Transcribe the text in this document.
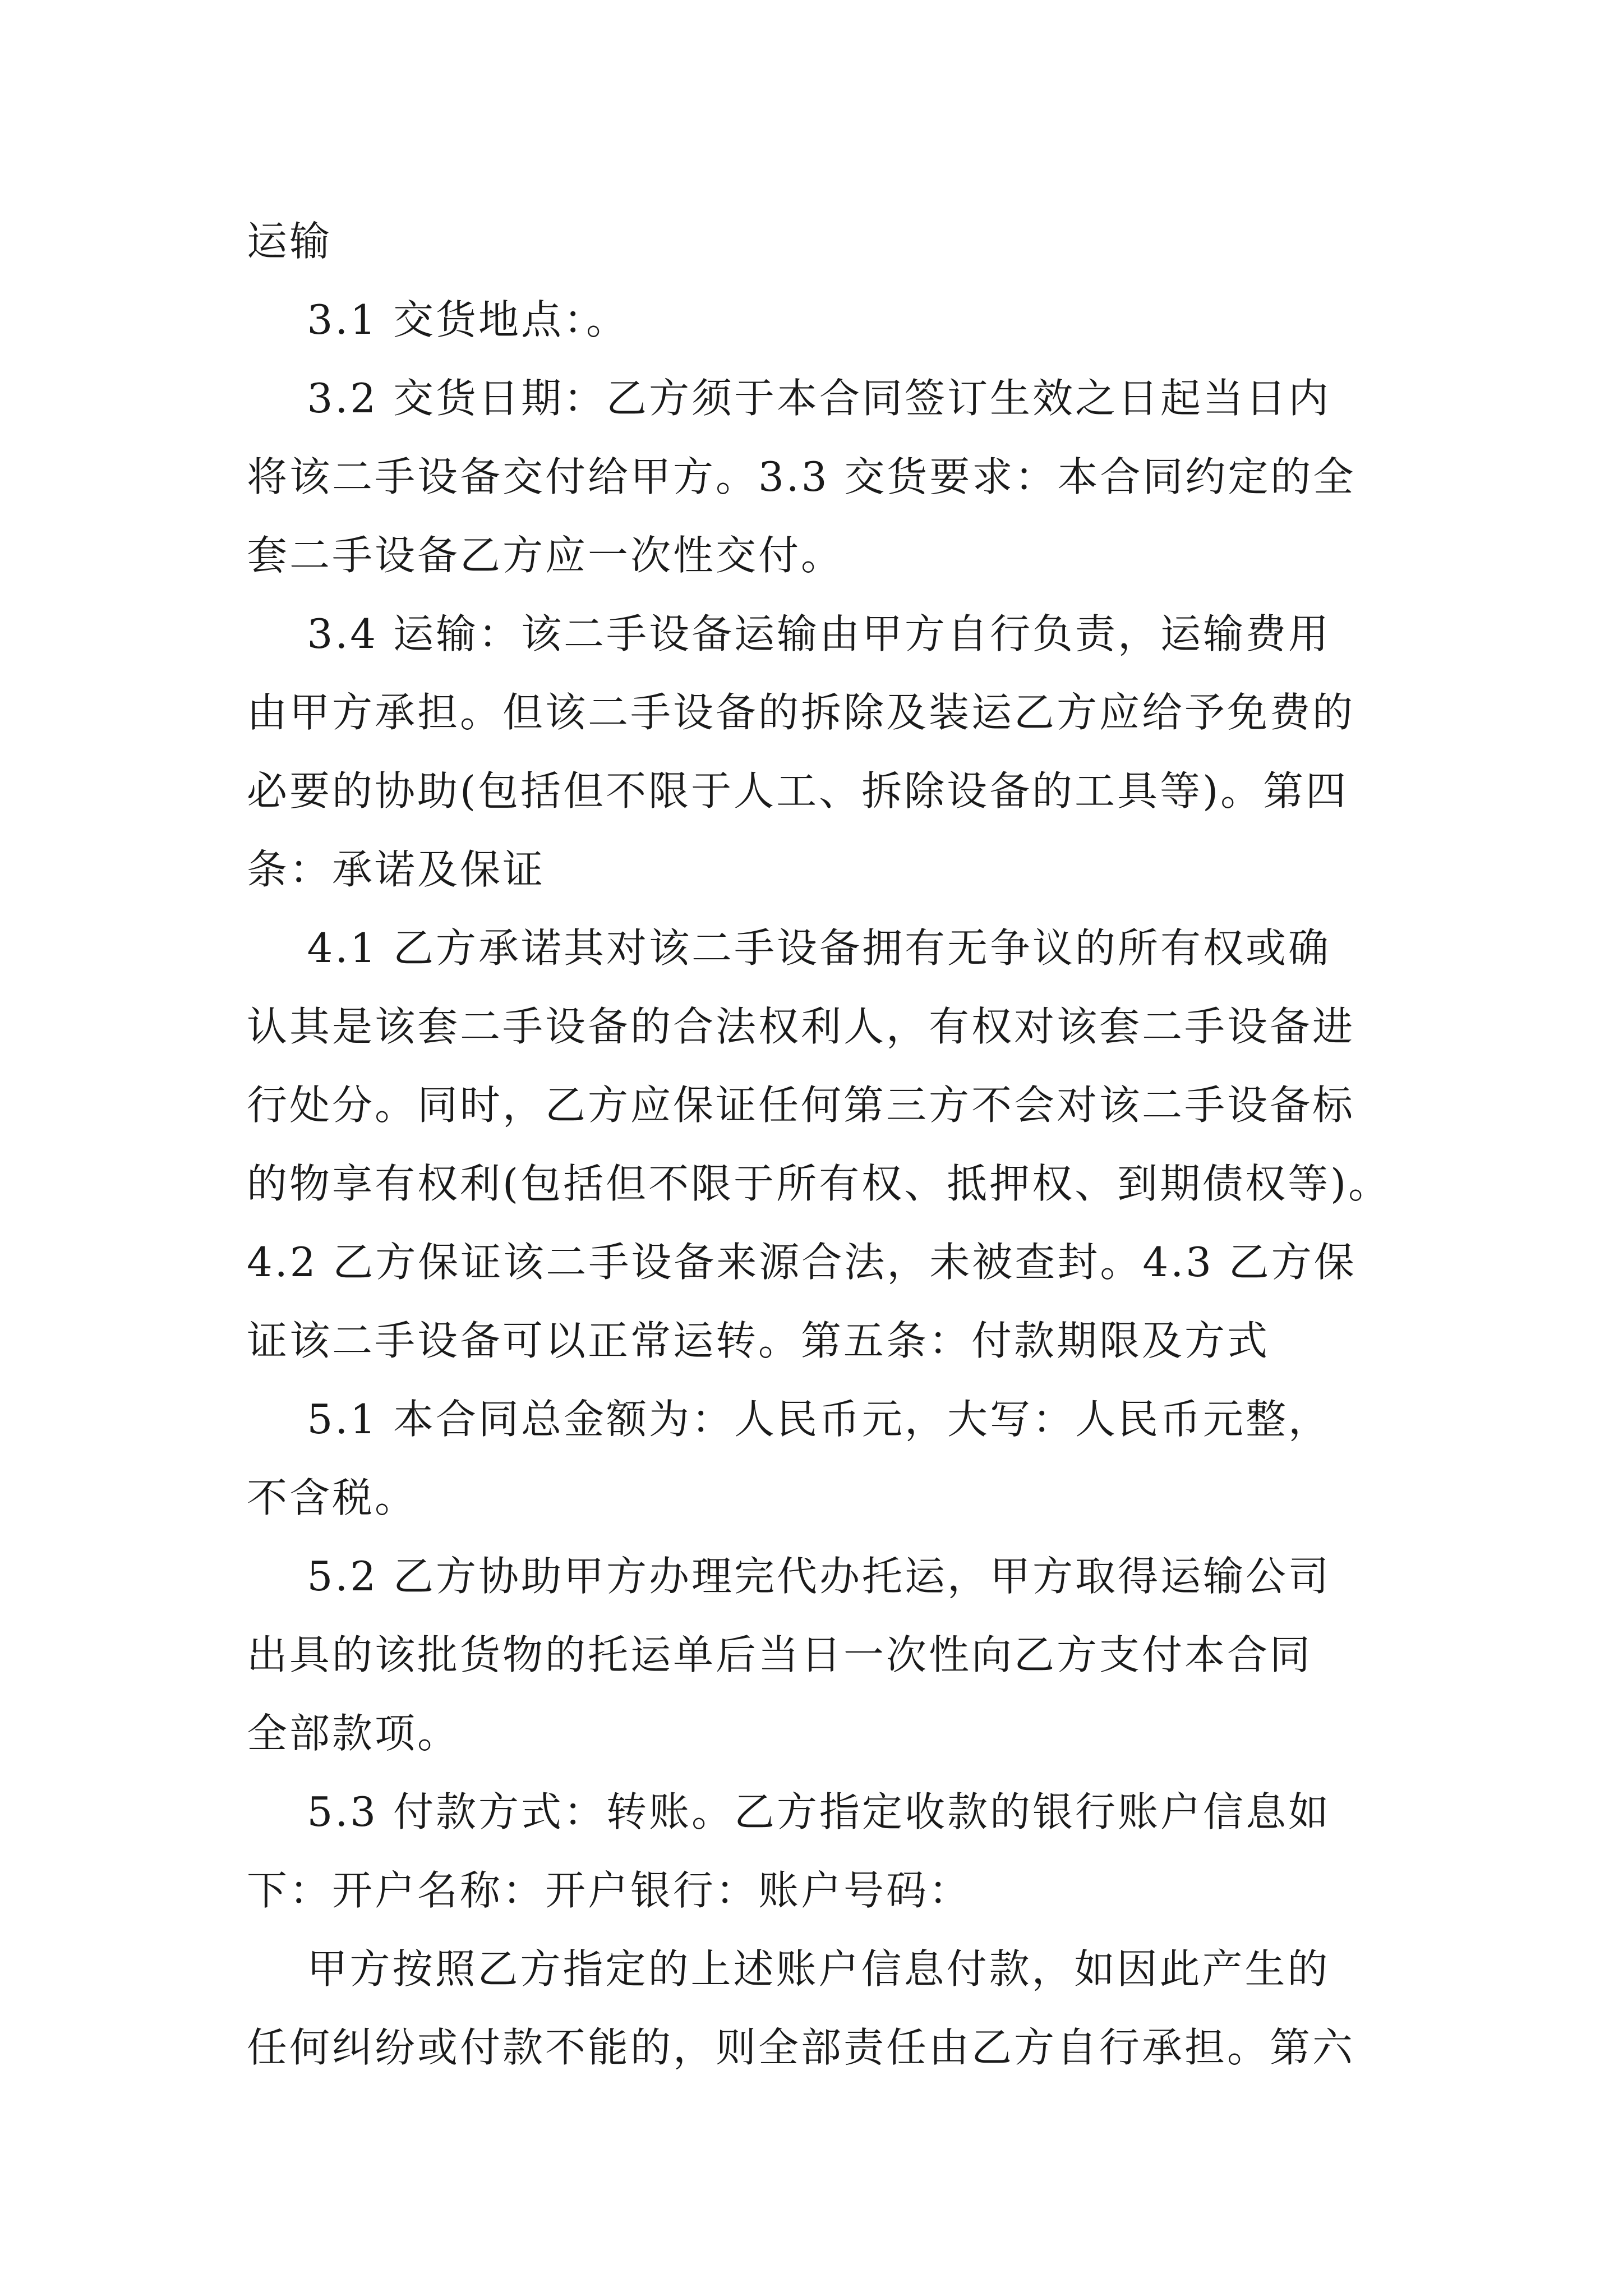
运输

3.1 交货地点：。

3.2 交货日期：乙方须于本合同签订生效之日起当日内

将该二手设备交付给甲方。3.3 交货要求：本合同约定的全

套二手设备乙方应一次性交付。

3.4 运输：该二手设备运输由甲方自行负责，运输费用

由甲方承担。但该二手设备的拆除及装运乙方应给予免费的

必要的协助(包括但不限于人工、拆除设备的工具等)。第四

条：承诺及保证

4.1 乙方承诺其对该二手设备拥有无争议的所有权或确

认其是该套二手设备的合法权利人，有权对该套二手设备进

行处分。同时，乙方应保证任何第三方不会对该二手设备标

的物享有权利(包括但不限于所有权、抵押权、到期债权等)。

4.2 乙方保证该二手设备来源合法，未被查封。4.3 乙方保

证该二手设备可以正常运转。第五条：付款期限及方式

5.1 本合同总金额为：人民币元，大写：人民币元整，

不含税。

5.2 乙方协助甲方办理完代办托运，甲方取得运输公司

出具的该批货物的托运单后当日一次性向乙方支付本合同

全部款项。

5.3 付款方式：转账。乙方指定收款的银行账户信息如

下：开户名称：开户银行：账户号码：

甲方按照乙方指定的上述账户信息付款，如因此产生的

任何纠纷或付款不能的，则全部责任由乙方自行承担。第六
